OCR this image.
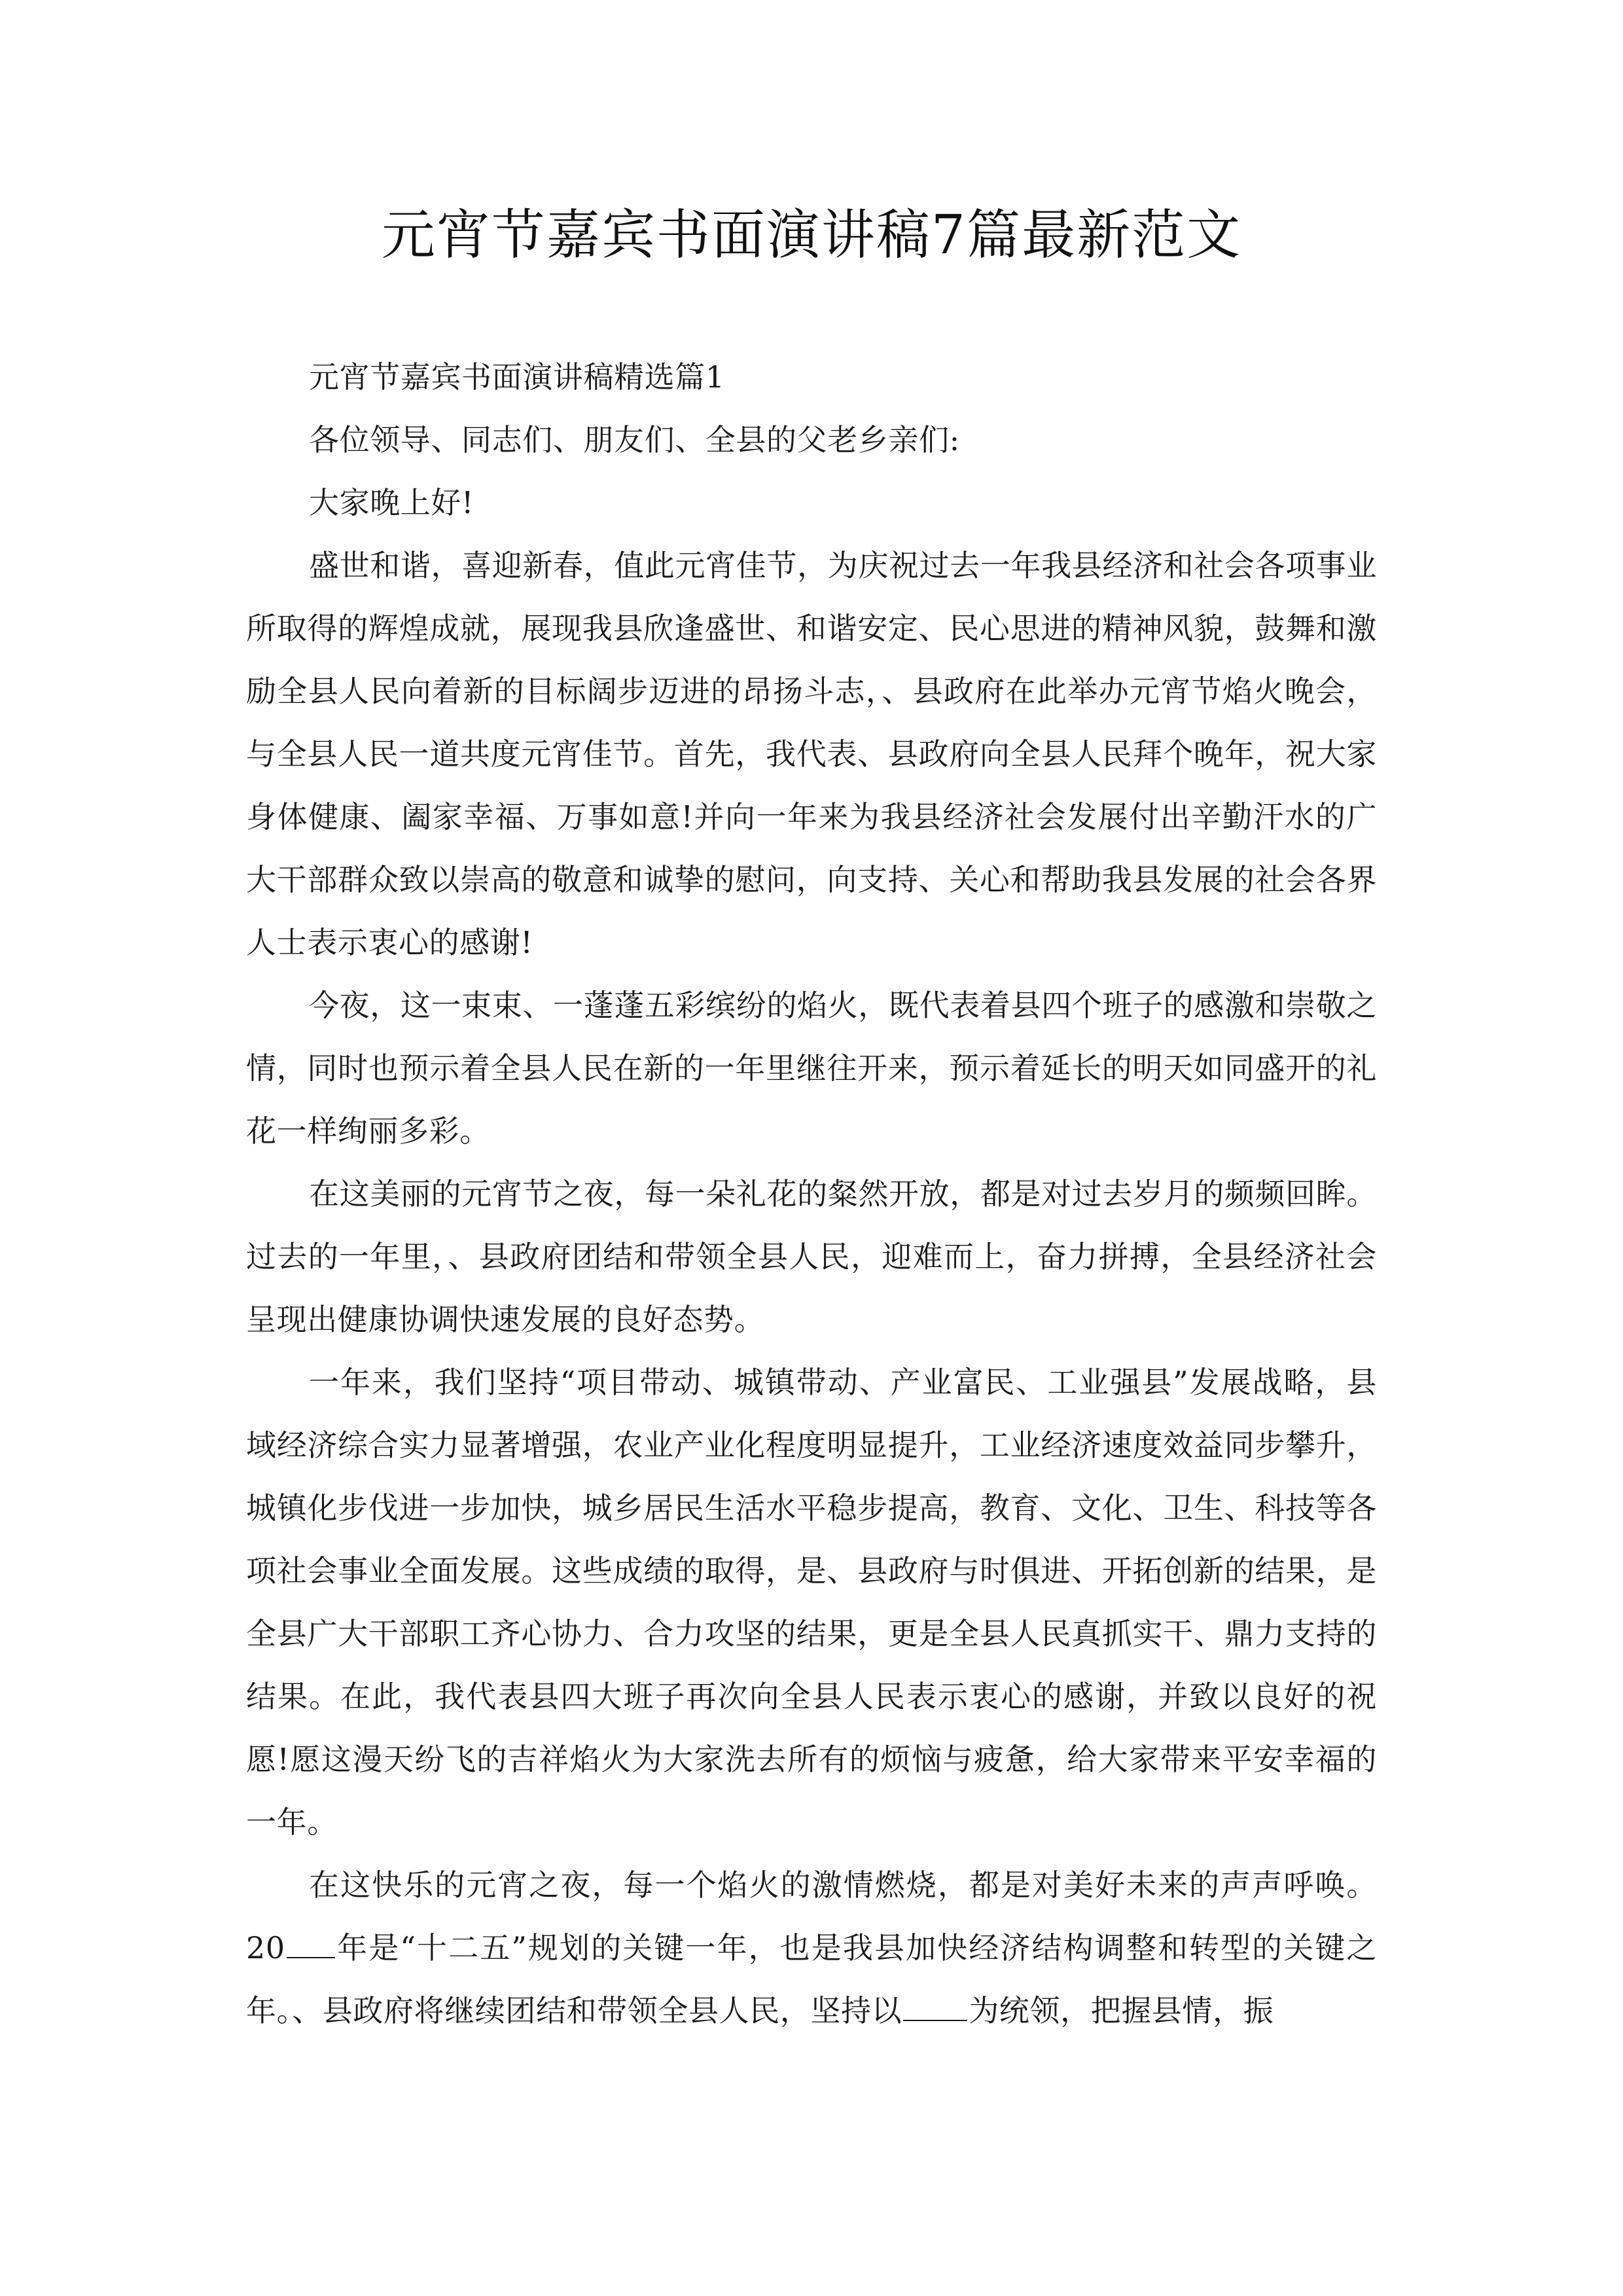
元宵节嘉宾书面演讲稿7篇最新范文

元宵节嘉宾书面演讲稿精选篇1

各位领导、同志们、朋友们、全县的父老乡亲们:

大家晚上好!

盛世和谐，喜迎新春，值此元宵佳节，为庆祝过去一年我县经济和社会各项事业所取得的辉煌成就，展现我县欣逢盛世、和谐安定、民心思进的精神风貌，鼓舞和激励全县人民向着新的目标阔步迈进的昂扬斗志，、县政府在此举办元宵节焰火晚会，与全县人民一道共度元宵佳节。首先，我代表、县政府向全县人民拜个晚年，祝大家身体健康、阖家幸福、万事如意!并向一年来为我县经济社会发展付出辛勤汗水的广大干部群众致以崇高的敬意和诚挚的慰问，向支持、关心和帮助我县发展的社会各界人士表示衷心的感谢!

今夜，这一束束、一蓬蓬五彩缤纷的焰火，既代表着县四个班子的感激和崇敬之情，同时也预示着全县人民在新的一年里继往开来，预示着延长的明天如同盛开的礼花一样绚丽多彩。

在这美丽的元宵节之夜，每一朵礼花的粲然开放，都是对过去岁月的频频回眸。过去的一年里，、县政府团结和带领全县人民，迎难而上，奋力拼搏，全县经济社会呈现出健康协调快速发展的良好态势。

一年来，我们坚持“项目带动、城镇带动、产业富民、工业强县”发展战略，县域经济综合实力显著增强，农业产业化程度明显提升，工业经济速度效益同步攀升，城镇化步伐进一步加快，城乡居民生活水平稳步提高，教育、文化、卫生、科技等各项社会事业全面发展。这些成绩的取得，是、县政府与时俱进、开拓创新的结果，是全县广大干部职工齐心协力、合力攻坚的结果，更是全县人民真抓实干、鼎力支持的结果。在此，我代表县四大班子再次向全县人民表示衷心的感谢，并致以良好的祝愿!愿这漫天纷飞的吉祥焰火为大家洗去所有的烦恼与疲惫，给大家带来平安幸福的一年。

在这快乐的元宵之夜，每一个焰火的激情燃烧，都是对美好未来的声声呼唤。20 年是“十二五”规划的关键一年，也是我县加快经济结构调整和转型的关键之年。、县政府将继续团结和带领全县人民，坚持以 为统领，把握县情，振
